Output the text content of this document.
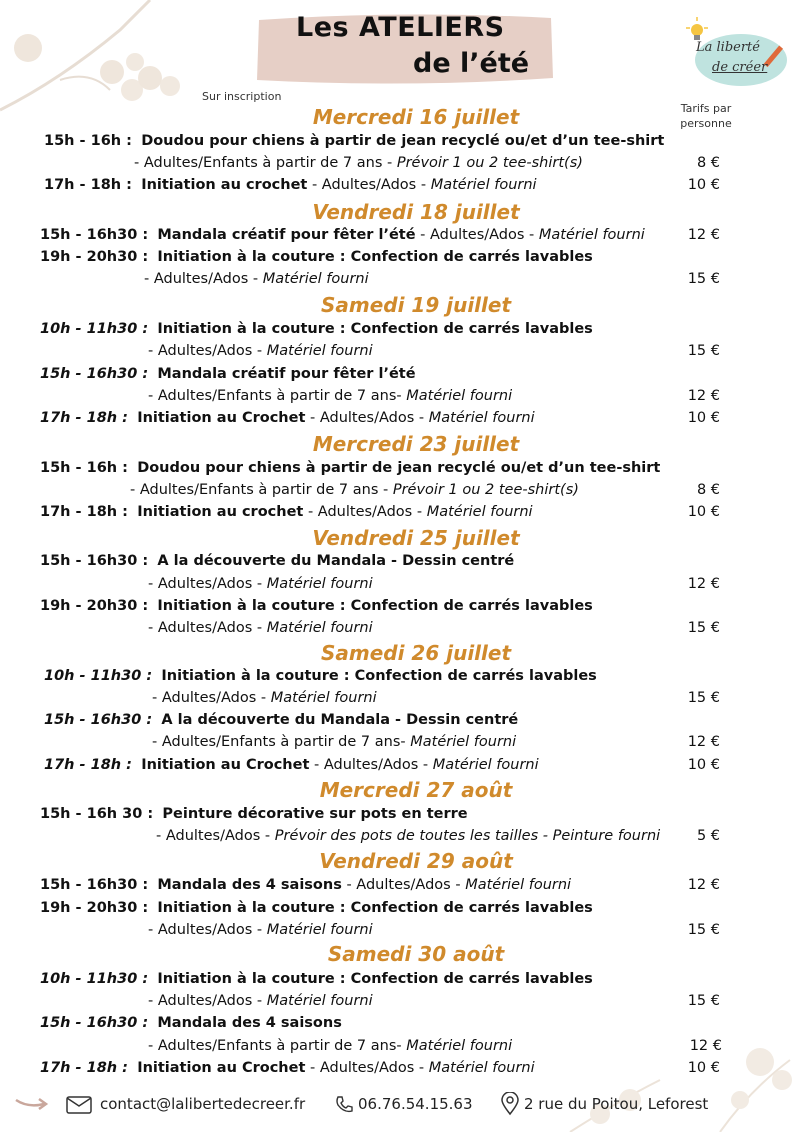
Les ATELIERS
de l’été
Sur inscription
Tarifs par personne
La liberté
de créer
Mercredi 16 juillet
Vendredi 18 juillet
Samedi 19 juillet
Mercredi 23 juillet
Vendredi 25 juillet
Samedi 26 juillet
Mercredi 27 août
Vendredi 29 août
Samedi 30 août
15h - 16h : Doudou pour chiens à partir de jean recyclé ou/et d’un tee-shirt
- Adultes/Enfants à partir de 7 ans - Prévoir 1 ou 2 tee-shirt(s)	8 €
17h - 18h : Initiation au crochet - Adultes/Ados - Matériel fourni	10 €
15h - 16h30 : Mandala créatif pour fêter l’été - Adultes/Ados - Matériel fourni	12 €
19h - 20h30 : Initiation à la couture : Confection de carrés lavables
- Adultes/Ados - Matériel fourni	15 €
10h - 11h30 : Initiation à la couture : Confection de carrés lavables
- Adultes/Ados - Matériel fourni	15 €
15h - 16h30 : Mandala créatif pour fêter l’été
- Adultes/Enfants à partir de 7 ans- Matériel fourni	12 €
17h - 18h : Initiation au Crochet - Adultes/Ados - Matériel fourni	10 €
15h - 16h : Doudou pour chiens à partir de jean recyclé ou/et d’un tee-shirt
- Adultes/Enfants à partir de 7 ans - Prévoir 1 ou 2 tee-shirt(s)	8 €
17h - 18h : Initiation au crochet - Adultes/Ados - Matériel fourni	10 €
15h - 16h30 : A la découverte du Mandala - Dessin centré
- Adultes/Ados - Matériel fourni	12 €
19h - 20h30 : Initiation à la couture : Confection de carrés lavables
- Adultes/Ados - Matériel fourni	15 €
10h - 11h30 : Initiation à la couture : Confection de carrés lavables
- Adultes/Ados - Matériel fourni	15 €
15h - 16h30 : A la découverte du Mandala - Dessin centré
- Adultes/Enfants à partir de 7 ans- Matériel fourni	12 €
17h - 18h : Initiation au Crochet - Adultes/Ados - Matériel fourni	10 €
15h - 16h 30 : Peinture décorative sur pots en terre
- Adultes/Ados - Prévoir des pots de toutes les tailles - Peinture fourni	5 €
15h - 16h30 : Mandala des 4 saisons - Adultes/Ados - Matériel fourni	12 €
19h - 20h30 : Initiation à la couture : Confection de carrés lavables
- Adultes/Ados - Matériel fourni	15 €
10h - 11h30 : Initiation à la couture : Confection de carrés lavables
- Adultes/Ados - Matériel fourni	15 €
15h - 16h30 : Mandala des 4 saisons
- Adultes/Enfants à partir de 7 ans- Matériel fourni	12 €
17h - 18h : Initiation au Crochet - Adultes/Ados - Matériel fourni	10 €
contact@lalibertedecreer.fr	06.76.54.15.63	2 rue du Poitou, Leforest
